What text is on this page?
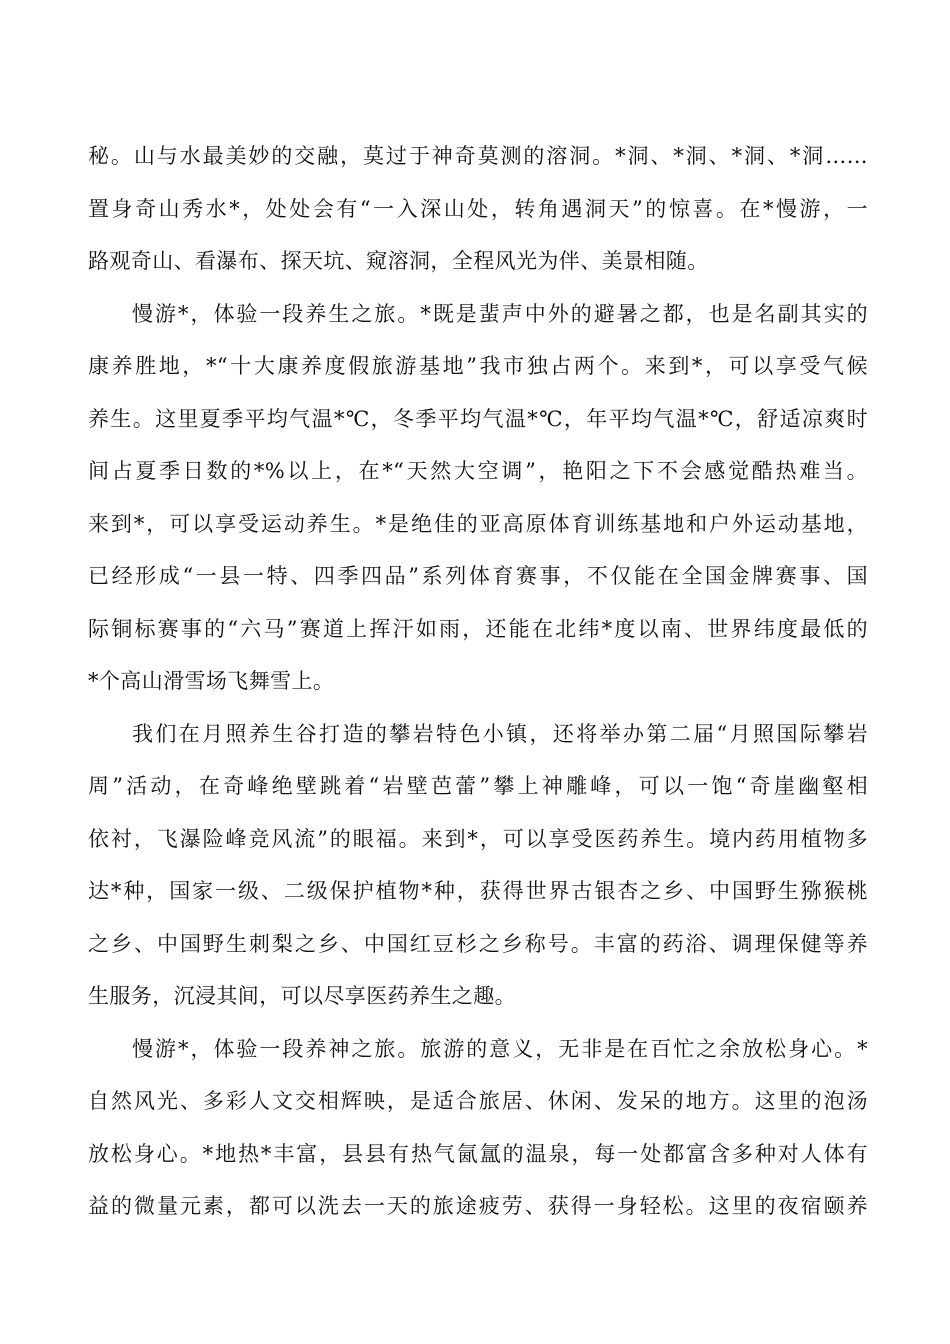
秘。山与水最美妙的交融，莫过于神奇莫测的溶洞。*洞、*洞、*洞、*洞……
置身奇山秀水*，处处会有“一入深山处，转角遇洞天”的惊喜。在*慢游，一
路观奇山、看瀑布、探天坑、窥溶洞，全程风光为伴、美景相随。
慢游*，体验一段养生之旅。*既是蜚声中外的避暑之都，也是名副其实的
康养胜地，*“十大康养度假旅游基地”我市独占两个。来到*，可以享受气候
养生。这里夏季平均气温*℃，冬季平均气温*℃，年平均气温*℃，舒适凉爽时
间占夏季日数的*%以上，在*“天然大空调”，艳阳之下不会感觉酷热难当。
来到*，可以享受运动养生。*是绝佳的亚高原体育训练基地和户外运动基地，
已经形成“一县一特、四季四品”系列体育赛事，不仅能在全国金牌赛事、国
际铜标赛事的“六马”赛道上挥汗如雨，还能在北纬*度以南、世界纬度最低的
*个高山滑雪场飞舞雪上。
我们在月照养生谷打造的攀岩特色小镇，还将举办第二届“月照国际攀岩
周”活动，在奇峰绝壁跳着“岩壁芭蕾”攀上神雕峰，可以一饱“奇崖幽壑相
依衬，飞瀑险峰竞风流”的眼福。来到*，可以享受医药养生。境内药用植物多
达*种，国家一级、二级保护植物*种，获得世界古银杏之乡、中国野生猕猴桃
之乡、中国野生刺梨之乡、中国红豆杉之乡称号。丰富的药浴、调理保健等养
生服务，沉浸其间，可以尽享医药养生之趣。
慢游*，体验一段养神之旅。旅游的意义，无非是在百忙之余放松身心。*
自然风光、多彩人文交相辉映，是适合旅居、休闲、发呆的地方。这里的泡汤
放松身心。*地热*丰富，县县有热气氤氲的温泉，每一处都富含多种对人体有
益的微量元素，都可以洗去一天的旅途疲劳、获得一身轻松。这里的夜宿颐养
